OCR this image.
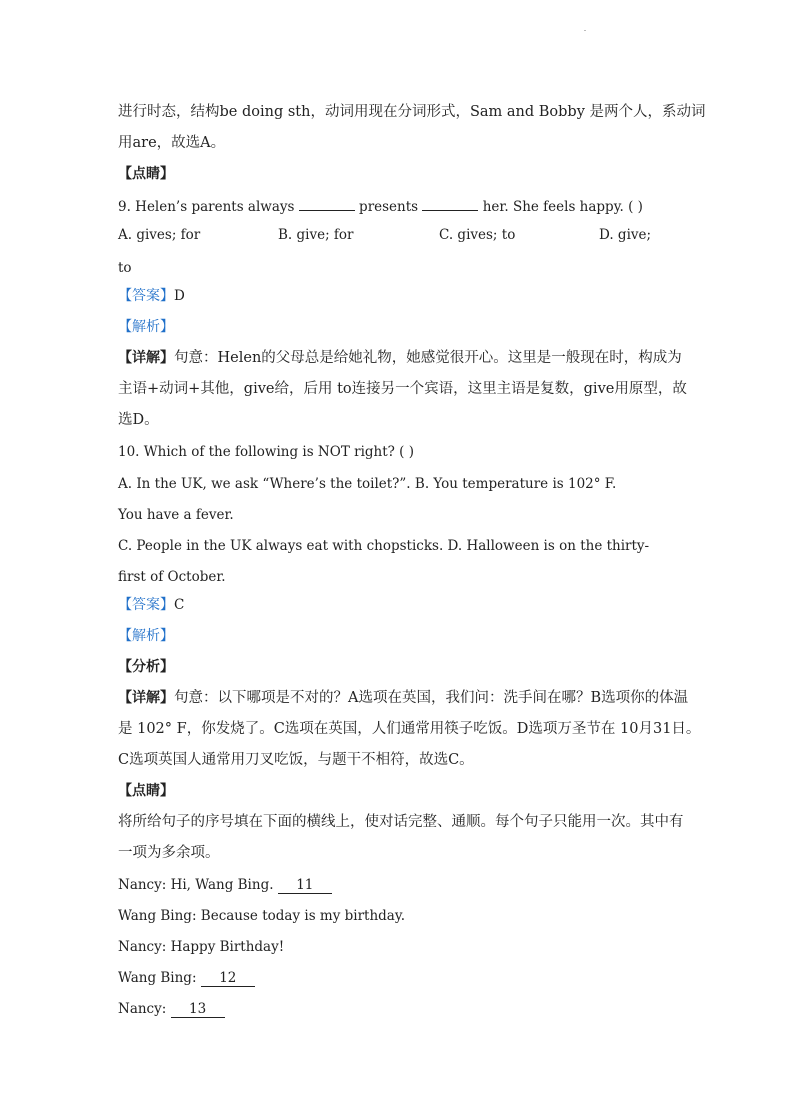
进行时态，结构be doing sth，动词用现在分词形式，Sam and Bobby 是两个人，系动词
用are，故选A。
【点睛】
9. Helen’s parents always	presents	her. She feels happy. ( )
A. gives; for	B. give; for	C. gives; to	D. give;
to
【答案】D
【解析】
【详解】句意：Helen的父母总是给她礼物，她感觉很开心。这里是一般现在时，构成为
主语+动词+其他，give给，后用 to连接另一个宾语，这里主语是复数，give用原型，故
选D。
10. Which of the following is NOT right? ( )
A. In the UK, we ask “Where’s the toilet?”. B. You temperature is 102° F.
You have a fever.
C. People in the UK always eat with chopsticks. D. Halloween is on the thirty-
first of October.
【答案】C
【解析】
【分析】
【详解】句意：以下哪项是不对的？A选项在英国，我们问：洗手间在哪？B选项你的体温
是 102° F，你发烧了。C选项在英国，人们通常用筷子吃饭。D选项万圣节在 10月31日。
C选项英国人通常用刀叉吃饭，与题干不相符，故选C。
【点睛】
将所给句子的序号填在下面的横线上，使对话完整、通顺。每个句子只能用一次。其中有
一项为多余项。
Nancy: Hi, Wang Bing. 11
Wang Bing: Because today is my birthday.
Nancy: Happy Birthday!
Wang Bing: 12
Nancy: 13
